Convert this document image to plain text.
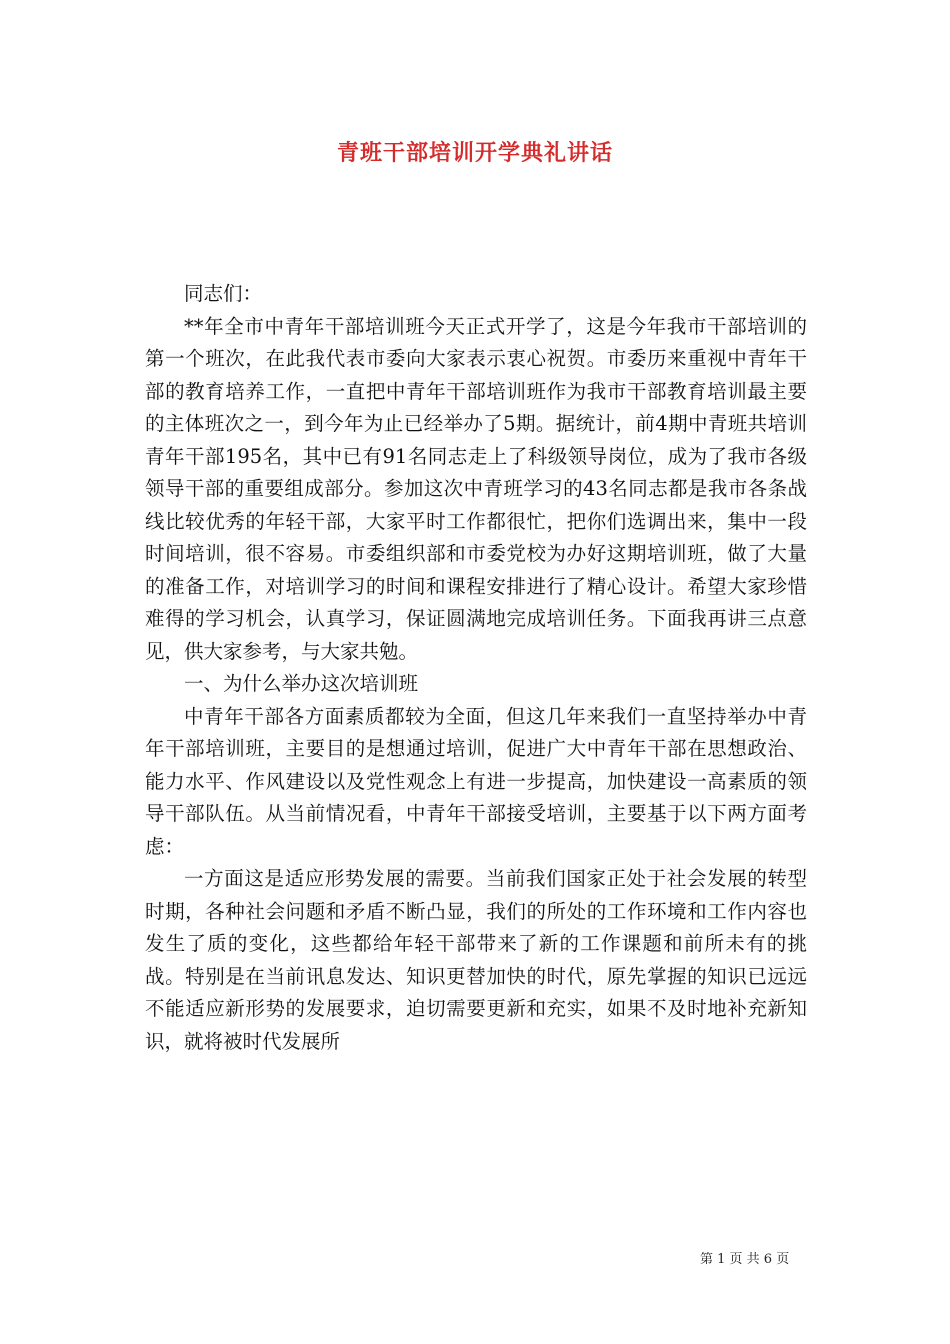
青班干部培训开学典礼讲话

同志们：

**年全市中青年干部培训班今天正式开学了，这是今年我市干部培训的第一个班次，在此我代表市委向大家表示衷心祝贺。市委历来重视中青年干部的教育培养工作，一直把中青年干部培训班作为我市干部教育培训最主要的主体班次之一，到今年为止已经举办了5期。据统计，前4期中青班共培训青年干部195名，其中已有91名同志走上了科级领导岗位，成为了我市各级领导干部的重要组成部分。参加这次中青班学习的43名同志都是我市各条战线比较优秀的年轻干部，大家平时工作都很忙，把你们选调出来，集中一段时间培训，很不容易。市委组织部和市委党校为办好这期培训班，做了大量的准备工作，对培训学习的时间和课程安排进行了精心设计。希望大家珍惜难得的学习机会，认真学习，保证圆满地完成培训任务。下面我再讲三点意见，供大家参考，与大家共勉。

一、为什么举办这次培训班

中青年干部各方面素质都较为全面，但这几年来我们一直坚持举办中青年干部培训班，主要目的是想通过培训，促进广大中青年干部在思想政治、能力水平、作风建设以及党性观念上有进一步提高，加快建设一高素质的领导干部队伍。从当前情况看，中青年干部接受培训，主要基于以下两方面考虑：

一方面这是适应形势发展的需要。当前我们国家正处于社会发展的转型时期，各种社会问题和矛盾不断凸显，我们的所处的工作环境和工作内容也发生了质的变化，这些都给年轻干部带来了新的工作课题和前所未有的挑战。特别是在当前讯息发达、知识更替加快的时代，原先掌握的知识已远远不能适应新形势的发展要求，迫切需要更新和充实，如果不及时地补充新知识，就将被时代发展所

第 1 页 共 6 页
